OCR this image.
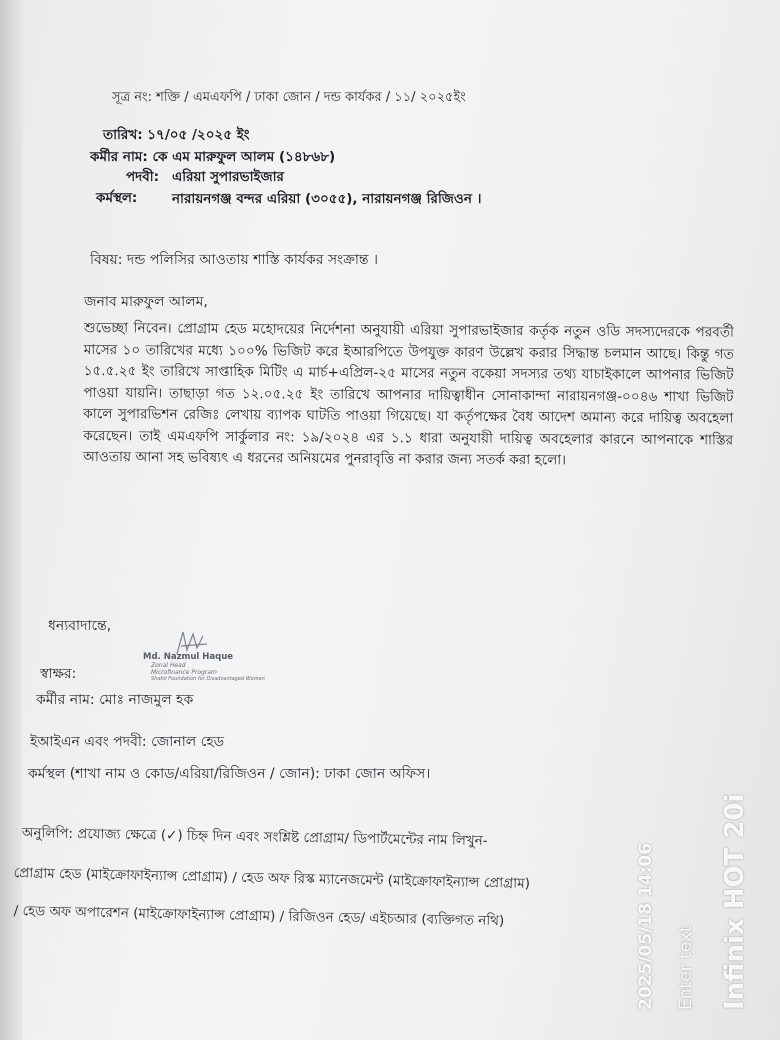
সূত্র নং: শক্তি / এমএফপি / ঢাকা জোন / দন্ড কার্যকর / ১১/ ২০২৫ইং
তারিখ: ১৭/০৫ /২০২৫ ইং
কর্মীর নাম: কে এম মারুফুল আলম (১৪৮৬৮)
পদবী: এরিয়া সুপারভাইজার
কর্মস্থল:	নারায়নগঞ্জ বন্দর এরিয়া (৩০৫৫), নারায়নগঞ্জ রিজিওন ।
বিষয়: দন্ড পলিসির আওতায় শাস্তি কার্যকর সংক্রান্ত ।
জনাব মারুফুল আলম,
শুভেচ্ছা নিবেন। প্রোগ্রাম হেড মহোদয়ের নির্দেশনা অনুযায়ী এরিয়া সুপারভাইজার কর্তৃক নতুন ওডি সদস্যদেরকে পরবর্তী মাসের ১০ তারিখের মধ্যে ১০০% ভিজিট করে ইআরপিতে উপযুক্ত কারণ উল্লেখ করার সিদ্ধান্ত চলমান আছে। কিন্তু গত ১৫.৫.২৫ ইং তারিখে সাপ্তাহিক মিটিং এ মার্চ+এপ্রিল-২৫ মাসের নতুন বকেয়া সদস্যর তথ্য যাচাইকালে আপনার ভিজিট পাওয়া যায়নি। তাছাড়া গত ১২.০৫.২৫ ইং তারিখে আপনার দায়িত্বাধীন সোনাকান্দা নারায়নগঞ্জ-০০৪৬ শাখা ভিজিট কালে সুপারভিশন রেজিঃ লেখায় ব্যাপক ঘাটতি পাওয়া গিয়েছে। যা কর্তৃপক্ষের বৈধ আদেশ অমান্য করে দায়িত্ব অবহেলা করেছেন। তাই এমএফপি সার্কুলার নং: ১৯/২০২৪ এর ১.১ ধারা অনুযায়ী দায়িত্ব অবহেলার কারনে আপনাকে শাস্তির আওতায় আনা সহ ভবিষ্যৎ এ ধরনের অনিয়মের পুনরাবৃত্তি না করার জন্য সতর্ক করা হলো।
ধন্যবাদান্তে,
Md. Nazmul Haque
Zonal Head
Microfinance Program
Shakti Foundation for Disadvantaged Women
স্বাক্ষর:
কর্মীর নাম: মোঃ নাজমুল হক
ইআইএন এবং পদবী: জোনাল হেড
কর্মস্থল (শাখা নাম ও কোড/এরিয়া/রিজিওন / জোন): ঢাকা জোন অফিস।
অনুলিপি: প্রযোজ্য ক্ষেত্রে (✓) চিহ্ন দিন এবং সংশ্লিষ্ট প্রোগ্রাম/ ডিপার্টমেন্টের নাম লিখুন-
প্রোগ্রাম হেড (মাইক্রোফাইন্যান্স প্রোগ্রাম) / হেড অফ রিস্ক ম্যানেজমেন্ট (মাইক্রোফাইন্যান্স প্রোগ্রাম)
/ হেড অফ অপারেশন (মাইক্রোফাইন্যান্স প্রোগ্রাম) / রিজিওন হেড/ এইচআর (ব্যক্তিগত নথি)	Infinix HOT 20i
Enter text
2025/05/18 14:06
